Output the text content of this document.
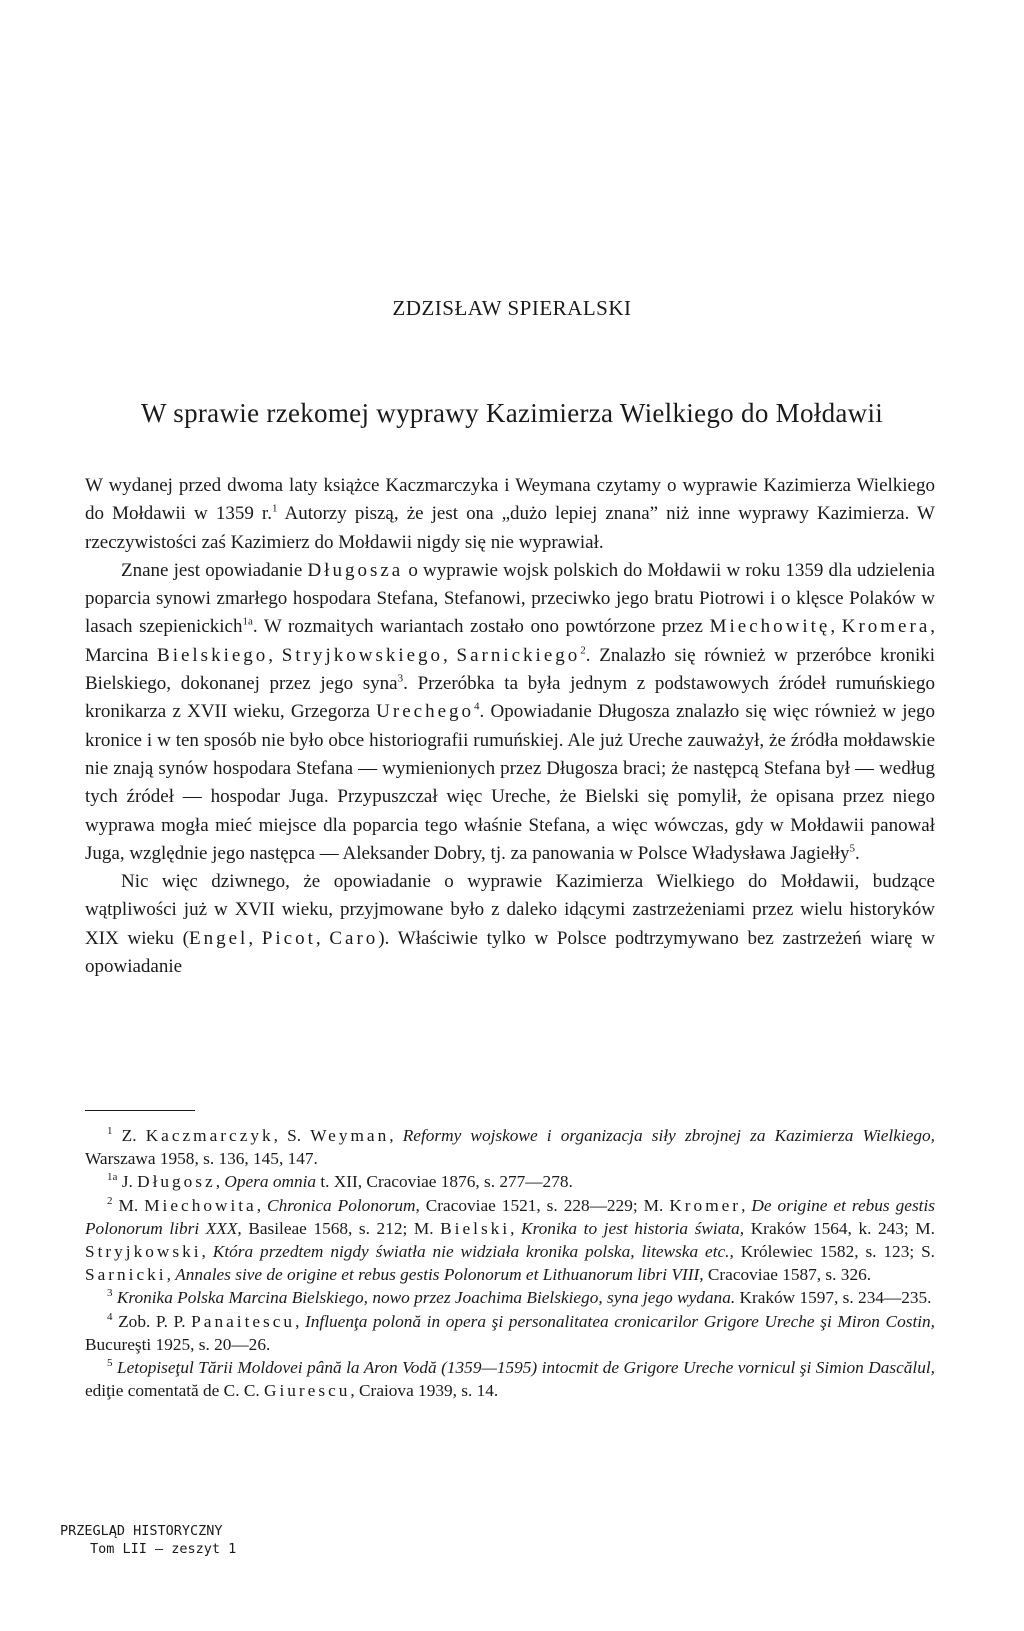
ZDZISŁAW SPIERALSKI
W sprawie rzekomej wyprawy Kazimierza Wielkiego do Mołdawii

W wydanej przed dwoma laty książce Kaczmarczyka i Weymana czytamy o wyprawie Kazimierza Wielkiego do Mołdawii w 1359 r.$^1$ Autorzy piszą, że jest ona „dużo lepiej znana” niż inne wyprawy Kazimierza. W rzeczywistości zaś Kazimierz do Mołdawii nigdy się nie wyprawiał.

Znane jest opowiadanie Długosza o wyprawie wojsk polskich do Mołdawii w roku 1359 dla udzielenia poparcia synowi zmarłego hospodara Stefana, Stefanowi, przeciwko jego bratu Piotrowi i o klęsce Polaków w lasach szepienickich$^{1a}$. W rozmaitych wariantach zostało ono powtórzone przez Miechowitę, Kromera, Marcina Bielskiego, Stryjkowskiego, Sarnickiego$^2$. Znalazło się również w przeróbce kroniki Bielskiego, dokonanej przez jego syna$^3$. Przeróbka ta była jednym z podstawowych źródeł rumuńskiego kronikarza z XVII wieku, Grzegorza Urechego$^4$. Opowiadanie Długosza znalazło się więc również w jego kronice i w ten sposób nie było obce historiografii rumuńskiej. Ale już Ureche zauważył, że źródła mołdawskie nie znają synów hospodara Stefana — wymienionych przez Długosza braci; że następcą Stefana był — według tych źródeł — hospodar Juga. Przypuszczał więc Ureche, że Bielski się pomylił, że opisana przez niego wyprawa mogła mieć miejsce dla poparcia tego właśnie Stefana, a więc wówczas, gdy w Mołdawii panował Juga, względnie jego następca — Aleksander Dobry, tj. za panowania w Polsce Władysława Jagiełły$^5$.

Nic więc dziwnego, że opowiadanie o wyprawie Kazimierza Wielkiego do Mołdawii, budzące wątpliwości już w XVII wieku, przyjmowane było z daleko idącymi zastrzeżeniami przez wielu historyków XIX wieku (Engel, Picot, Caro). Właściwie tylko w Polsce podtrzymywano bez zastrzeżeń wiarę w opowiadanie

$^1$ Z. Kaczmarczyk, S. Weyman, Reformy wojskowe i organizacja siły zbrojnej za Kazimierza Wielkiego, Warszawa 1958, s. 136, 145, 147.

$^{1a}$ J. Długosz, Opera omnia t. XII, Cracoviae 1876, s. 277—278.

$^2$ M. Miechowita, Chronica Polonorum, Cracoviae 1521, s. 228—229; M. Kromer, De origine et rebus gestis Polonorum libri XXX, Basileae 1568, s. 212; M. Bielski, Kronika to jest historia świata, Kraków 1564, k. 243; M. Stryjkowski, Która przedtem nigdy światła nie widziała kronika polska, litewska etc., Królewiec 1582, s. 123; S. Sarnicki, Annales sive de origine et rebus gestis Polonorum et Lithuanorum libri VIII, Cracoviae 1587, s. 326.

$^3$ Kronika Polska Marcina Bielskiego, nowo przez Joachima Bielskiego, syna jego wydana. Kraków 1597, s. 234—235.

$^4$ Zob. P. P. Panaitescu, Influenţa polonă in opera şi personalitatea cronicarilor Grigore Ureche şi Miron Costin, Bucureşti 1925, s. 20—26.

$^5$ Letopiseţul Tării Moldovei până la Aron Vodă (1359—1595) intocmit de Grigore Ureche vornicul şi Simion Dascălul, ediţie comentată de C. C. Giurescu, Craiova 1939, s. 14.

PRZEGLĄD HISTORYCZNY
Tom LII — zeszyt 1
